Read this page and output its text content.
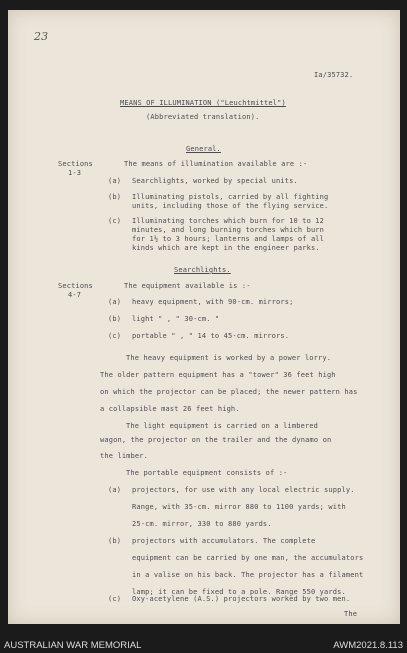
23
Ia/35732.
MEANS OF ILLUMINATION ("Leuchtmittel")
(Abbreviated translation).
General.
Sections
1-3
The means of illumination available are :-
(a) Searchlights, worked by special units.
(b) Illuminating pistols, carried by all fighting
units, including those of the flying service.
(c) Illuminating torches which burn for 10 to 12
minutes, and long burning torches which burn
for 1½ to 3 hours; lanterns and lamps of all
kinds which are kept in the engineer parks.
Searchlights.
Sections
4-7
The equipment available is :-
(a) heavy equipment, with 90-cm. mirrors;
(b) light " , " 30-cm. "
(c) portable " , " 14 to 45-cm. mirrors.
The heavy equipment is worked by a power lorry.
The older pattern equipment has a "tower" 36 feet high
on which the projector can be placed; the newer pattern has
a collapsible mast 26 feet high.
The light equipment is carried on a limbered
wagon, the projector on the trailer and the dynamo on
the limber.
The portable equipment consists of :-
(a) projectors, for use with any local electric supply.
Range, with 35-cm. mirror 880 to 1100 yards; with
25-cm. mirror, 330 to 880 yards.
(b) projectors with accumulators. The complete
equipment can be carried by one man, the accumulators
in a valise on his back. The projector has a filament
lamp; it can be fixed to a pole. Range 550 yards.
(c) Oxy-acetylene (A.S.) projectors worked by two men.
The
AUSTRALIAN WAR MEMORIAL	AWM2021.8.113
